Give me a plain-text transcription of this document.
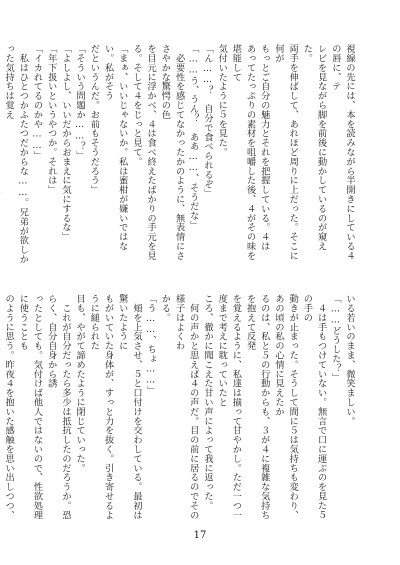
視線の先には、本を読みながら半開きにしている４の唇に、テ

レビを見ながら脚を前後に動かしているのが窺えた。

両手を伸ばして、あれほど周りに上だった。そこに何が

もっとご自分の魅力とそれを把握している。４は

あってたっぷりの素材を咀嚼した後、４がその味を堪能して

気付いたように５を見た。

「ん……？　自分で食べられるぞ」

「……う、うん？　ああ……、そうだな」

　必要性を感じてなかったかのように、無表情にささやかな驚愕の色

を目元に浮かべ、４は食べ終えたばかりの手元を見る。そして４をじっと見て。

「まぁ、いいじゃないか。私は蜜柑が嫌いではない。私がそう

だというんだ。お前もそうだろう」

「そういう問題か……？」

「よしよし、いいだからおまえに気にするな」

「年下扱いというやつか。それは」

「イカれてるのかや……」

　私はひとつかふたつだからな……。兄弟が欲しかった気持ちは覚え

いる若いのまま、微笑ましい。

「……どうした？」

　４は手もつけていない。無言で口に運ぶのを見た５の手の

動きが止まった。そうして間に５は気持ちも変わり、あの頃の私の心情に見えたか

るのは、私と５の行動からも、３が４に複雑な気持ちを抱えて反発

を覚えるように、私達は揃って甘やかし。ただ一つ一度まで考えに耽っていたと

ころ、徹かに聞こえた甘い声によって我に返った。

　何の声かと思えば４の声だ。目の前に居るのでその様子はよくわ

かる。

「う……、ちょ……」

　頬を上気させ、５と口付けを交わしている。最初は驚いたように

もがいていた身体が、すっと力を抜く。引き寄せるように縋られた

目も、やがて諦めたように閉じていった。

　これが自分だったら多少は抵抗したのだろうか。恐らく、自分自身から誘

ったとしても。気付けば他人ではないので、性欲処理に使うことも

のように思う。昨夜４を抱いた感触を思い出しつつ、

17
